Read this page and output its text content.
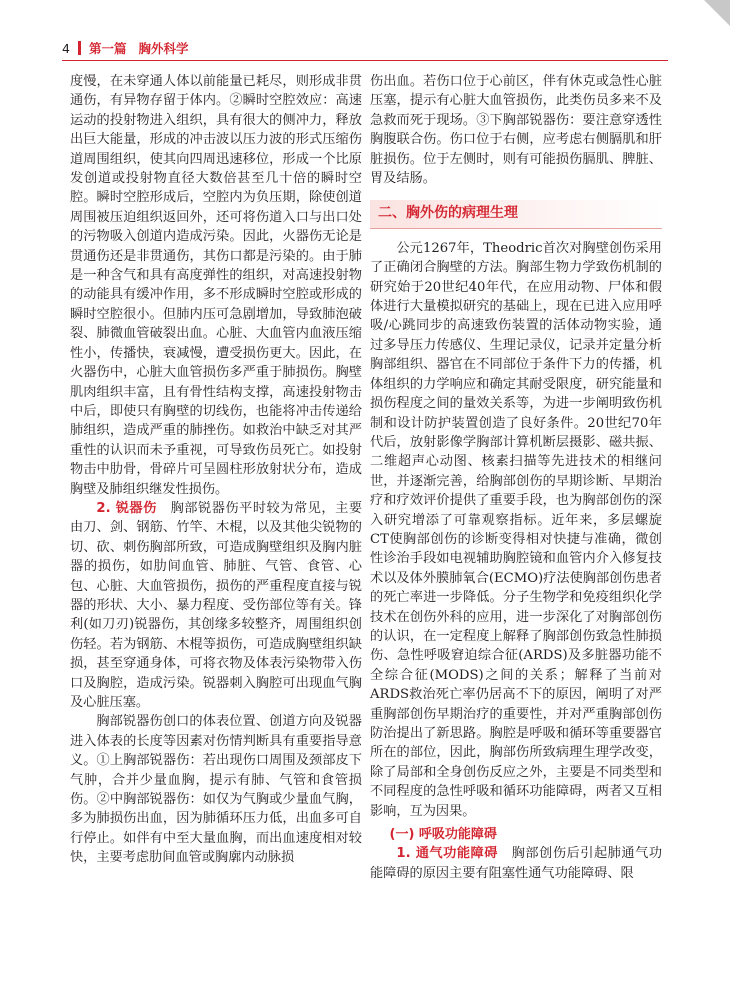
4 第一篇 胸外科学

度慢，在未穿通人体以前能量已耗尽，则形成非贯通伤，有异物存留于体内。②瞬时空腔效应：高速运动的投射物进入组织，具有很大的侧冲力，释放出巨大能量，形成的冲击波以压力波的形式压缩伤道周围组织，使其向四周迅速移位，形成一个比原发创道或投射物直径大数倍甚至几十倍的瞬时空腔。瞬时空腔形成后，空腔内为负压期，除使创道周围被压迫组织返回外，还可将伤道入口与出口处的污物吸入创道内造成污染。因此，火器伤无论是贯通伤还是非贯通伤，其伤口都是污染的。由于肺是一种含气和具有高度弹性的组织，对高速投射物的动能具有缓冲作用，多不形成瞬时空腔或形成的瞬时空腔很小。但肺内压可急剧增加，导致肺泡破裂、肺微血管破裂出血。心脏、大血管内血液压缩性小，传播快，衰减慢，遭受损伤更大。因此，在火器伤中，心脏大血管损伤多严重于肺损伤。胸壁肌肉组织丰富，且有骨性结构支撑，高速投射物击中后，即使只有胸壁的切线伤，也能将冲击传递给肺组织，造成严重的肺挫伤。如救治中缺乏对其严重性的认识而未予重视，可导致伤员死亡。如投射物击中肋骨，骨碎片可呈圆柱形放射状分布，造成胸壁及肺组织继发性损伤。

2. 锐器伤　 胸部锐器伤平时较为常见，主要由刀、剑、钢筋、竹竿、木棍，以及其他尖锐物的切、砍、刺伤胸部所致，可造成胸壁组织及胸内脏器的损伤，如肋间血管、肺脏、气管、食管、心包、心脏、大血管损伤，损伤的严重程度直接与锐器的形状、大小、暴力程度、受伤部位等有关。锋利(如刀刃)锐器伤，其创缘多较整齐，周围组织创伤轻。若为钢筋、木棍等损伤，可造成胸壁组织缺损，甚至穿通身体，可将衣物及体表污染物带入伤口及胸腔，造成污染。锐器刺入胸腔可出现血气胸及心脏压塞。

胸部锐器伤创口的体表位置、创道方向及锐器进入体表的长度等因素对伤情判断具有重要指导意义。①上胸部锐器伤：若出现伤口周围及颈部皮下气肿，合并少量血胸，提示有肺、气管和食管损伤。②中胸部锐器伤：如仅为气胸或少量血气胸，多为肺损伤出血，因为肺循环压力低，出血多可自行停止。如伴有中至大量血胸，而出血速度相对较快，主要考虑肋间血管或胸廓内动脉损

伤出血。若伤口位于心前区，伴有休克或急性心脏压塞，提示有心脏大血管损伤，此类伤员多来不及急救而死于现场。③下胸部锐器伤：要注意穿透性胸腹联合伤。伤口位于右侧，应考虑右侧膈肌和肝脏损伤。位于左侧时，则有可能损伤膈肌、脾脏、胃及结肠。

二、胸外伤的病理生理

公元1267年，Theodric首次对胸壁创伤采用了正确闭合胸壁的方法。胸部生物力学致伤机制的研究始于20世纪40年代，在应用动物、尸体和假体进行大量模拟研究的基础上，现在已进入应用呼吸/心跳同步的高速致伤装置的活体动物实验，通过多导压力传感仪、生理记录仪，记录并定量分析胸部组织、器官在不同部位于条件下力的传播，机体组织的力学响应和确定其耐受限度，研究能量和损伤程度之间的量效关系等，为进一步阐明致伤机制和设计防护装置创造了良好条件。20世纪70年代后，放射影像学胸部计算机断层摄影、磁共振、二维超声心动图、核素扫描等先进技术的相继问世，并逐渐完善，给胸部创伤的早期诊断、早期治疗和疗效评价提供了重要手段，也为胸部创伤的深入研究增添了可靠观察指标。近年来，多层螺旋CT使胸部创伤的诊断变得相对快捷与准确，微创性诊治手段如电视辅助胸腔镜和血管内介入修复技术以及体外膜肺氧合(ECMO)疗法使胸部创伤患者的死亡率进一步降低。分子生物学和免疫组织化学技术在创伤外科的应用，进一步深化了对胸部创伤的认识，在一定程度上解释了胸部创伤致急性肺损伤、急性呼吸窘迫综合征(ARDS)及多脏器功能不全综合征(MODS)之间的关系；解释了当前对ARDS救治死亡率仍居高不下的原因，阐明了对严重胸部创伤早期治疗的重要性，并对严重胸部创伤防治提出了新思路。胸腔是呼吸和循环等重要器官所在的部位，因此，胸部伤所致病理生理学改变，除了局部和全身创伤反应之外，主要是不同类型和不同程度的急性呼吸和循环功能障碍，两者又互相影响，互为因果。

(一) 呼吸功能障碍

1. 通气功能障碍　 胸部创伤后引起肺通气功能障碍的原因主要有阻塞性通气功能障碍、限
